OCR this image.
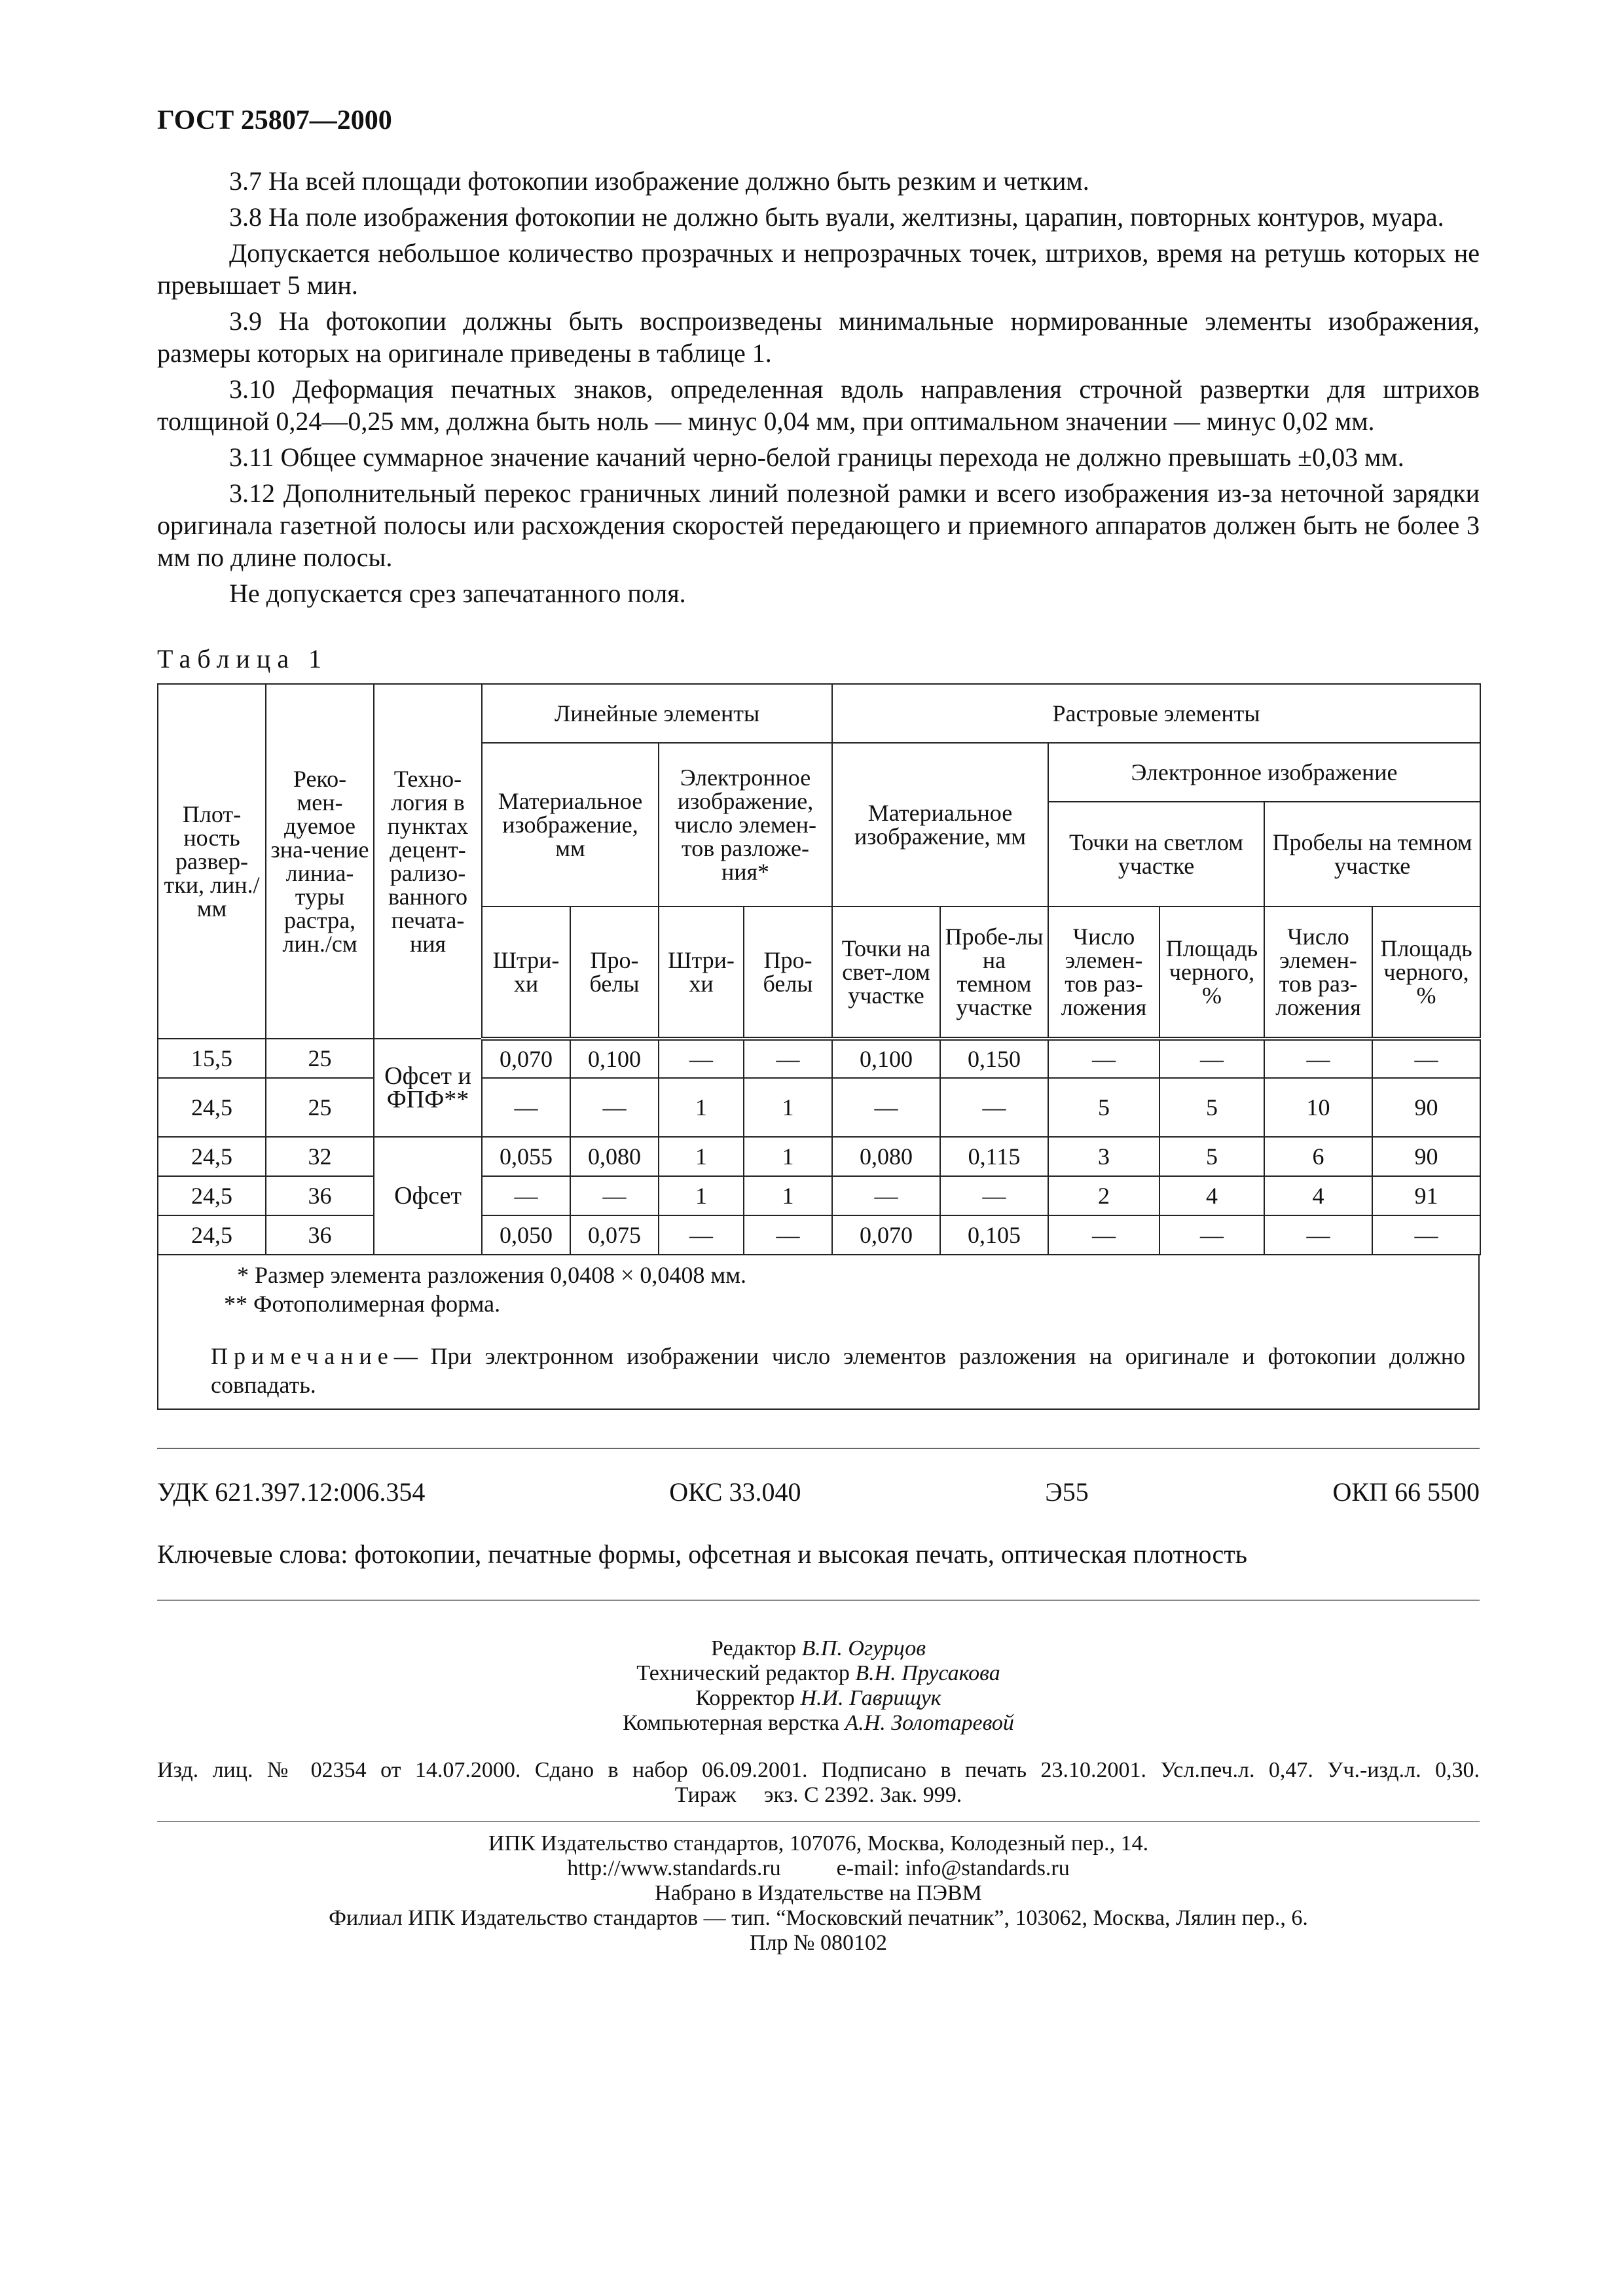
ГОСТ 25807—2000

3.7 На всей площади фотокопии изображение должно быть резким и четким.

3.8 На поле изображения фотокопии не должно быть вуали, желтизны, царапин, повторных контуров, муара.

Допускается небольшое количество прозрачных и непрозрачных точек, штрихов, время на ретушь которых не превышает 5 мин.

3.9 На фотокопии должны быть воспроизведены минимальные нормированные элементы изображения, размеры которых на оригинале приведены в таблице 1.

3.10 Деформация печатных знаков, определенная вдоль направления строчной развертки для штрихов толщиной 0,24—0,25 мм, должна быть ноль — минус 0,04 мм, при оптимальном значении — минус 0,02 мм.

3.11 Общее суммарное значение качаний черно-белой границы перехода не должно превышать ±0,03 мм.

3.12 Дополнительный перекос граничных линий полезной рамки и всего изображения из-за неточной зарядки оригинала газетной полосы или расхождения скоростей передающего и приемного аппаратов должен быть не более 3 мм по длине полосы.

Не допускается срез запечатанного поля.

Таблица 1
Плот-ность развер-тки, лин./мм	Реко-мен-дуемое зна-чение линиа-туры растра, лин./см	Техно-логия в пунктах децент-рализо-ванного печата-ния	Линейные элементы				Растровые элементы					
			Материальное изображение, мм		Электронное изображение, число элемен-тов разложе-ния*		Материальное изображение, мм		Электронное изображение			
									Точки на светлом участке		Пробелы на темном участке	
			Штри-хи	Про-белы	Штри-хи	Про-белы	Точки на свет-лом участке	Пробе-лы на темном участке	Число элемен-тов раз-ложения	Площадь черного, %	Число элемен-тов раз-ложения	Площадь черного, %
15,5	25	Офсет и ФПФ**	0,070	0,100	—	—	0,100	0,150	—	—	—	—
24,5	25		—	—	1	1	—	—	5	5	10	90
24,5	32	Офсет	0,055	0,080	1	1	0,080	0,115	3	5	6	90
24,5	36		—	—	1	1	—	—	2	4	4	91
24,5	36		0,050	0,075	—	—	0,070	0,105	—	—	—	—
* Размер элемента разложения 0,0408 × 0,0408 мм.
** Фотополимерная форма.
Примечание— При электронном изображении число элементов разложения на оригинале и фотокопии должно совпадать.
УДК 621.397.12:006.354	ОКС 33.040	Э55	ОКП 66 5500
Ключевые слова: фотокопии, печатные формы, офсетная и высокая печать, оптическая плотность
Редактор В.П. Огурцов
Технический редактор В.Н. Прусакова
Корректор Н.И. Гаврищук
Компьютерная верстка А.Н. Золотаревой
Изд. лиц. № 02354 от 14.07.2000. Сдано в набор 06.09.2001. Подписано в печать 23.10.2001. Усл.печ.л. 0,47. Уч.-изд.л. 0,30.
Тираж     экз. С 2392. Зак. 999.
ИПК Издательство стандартов, 107076, Москва, Колодезный пер., 14.
http://www.standards.ru          e-mail: info@standards.ru
Набрано в Издательстве на ПЭВМ
Филиал ИПК Издательство стандартов — тип. “Московский печатник”, 103062, Москва, Лялин пер., 6.
Плр № 080102
